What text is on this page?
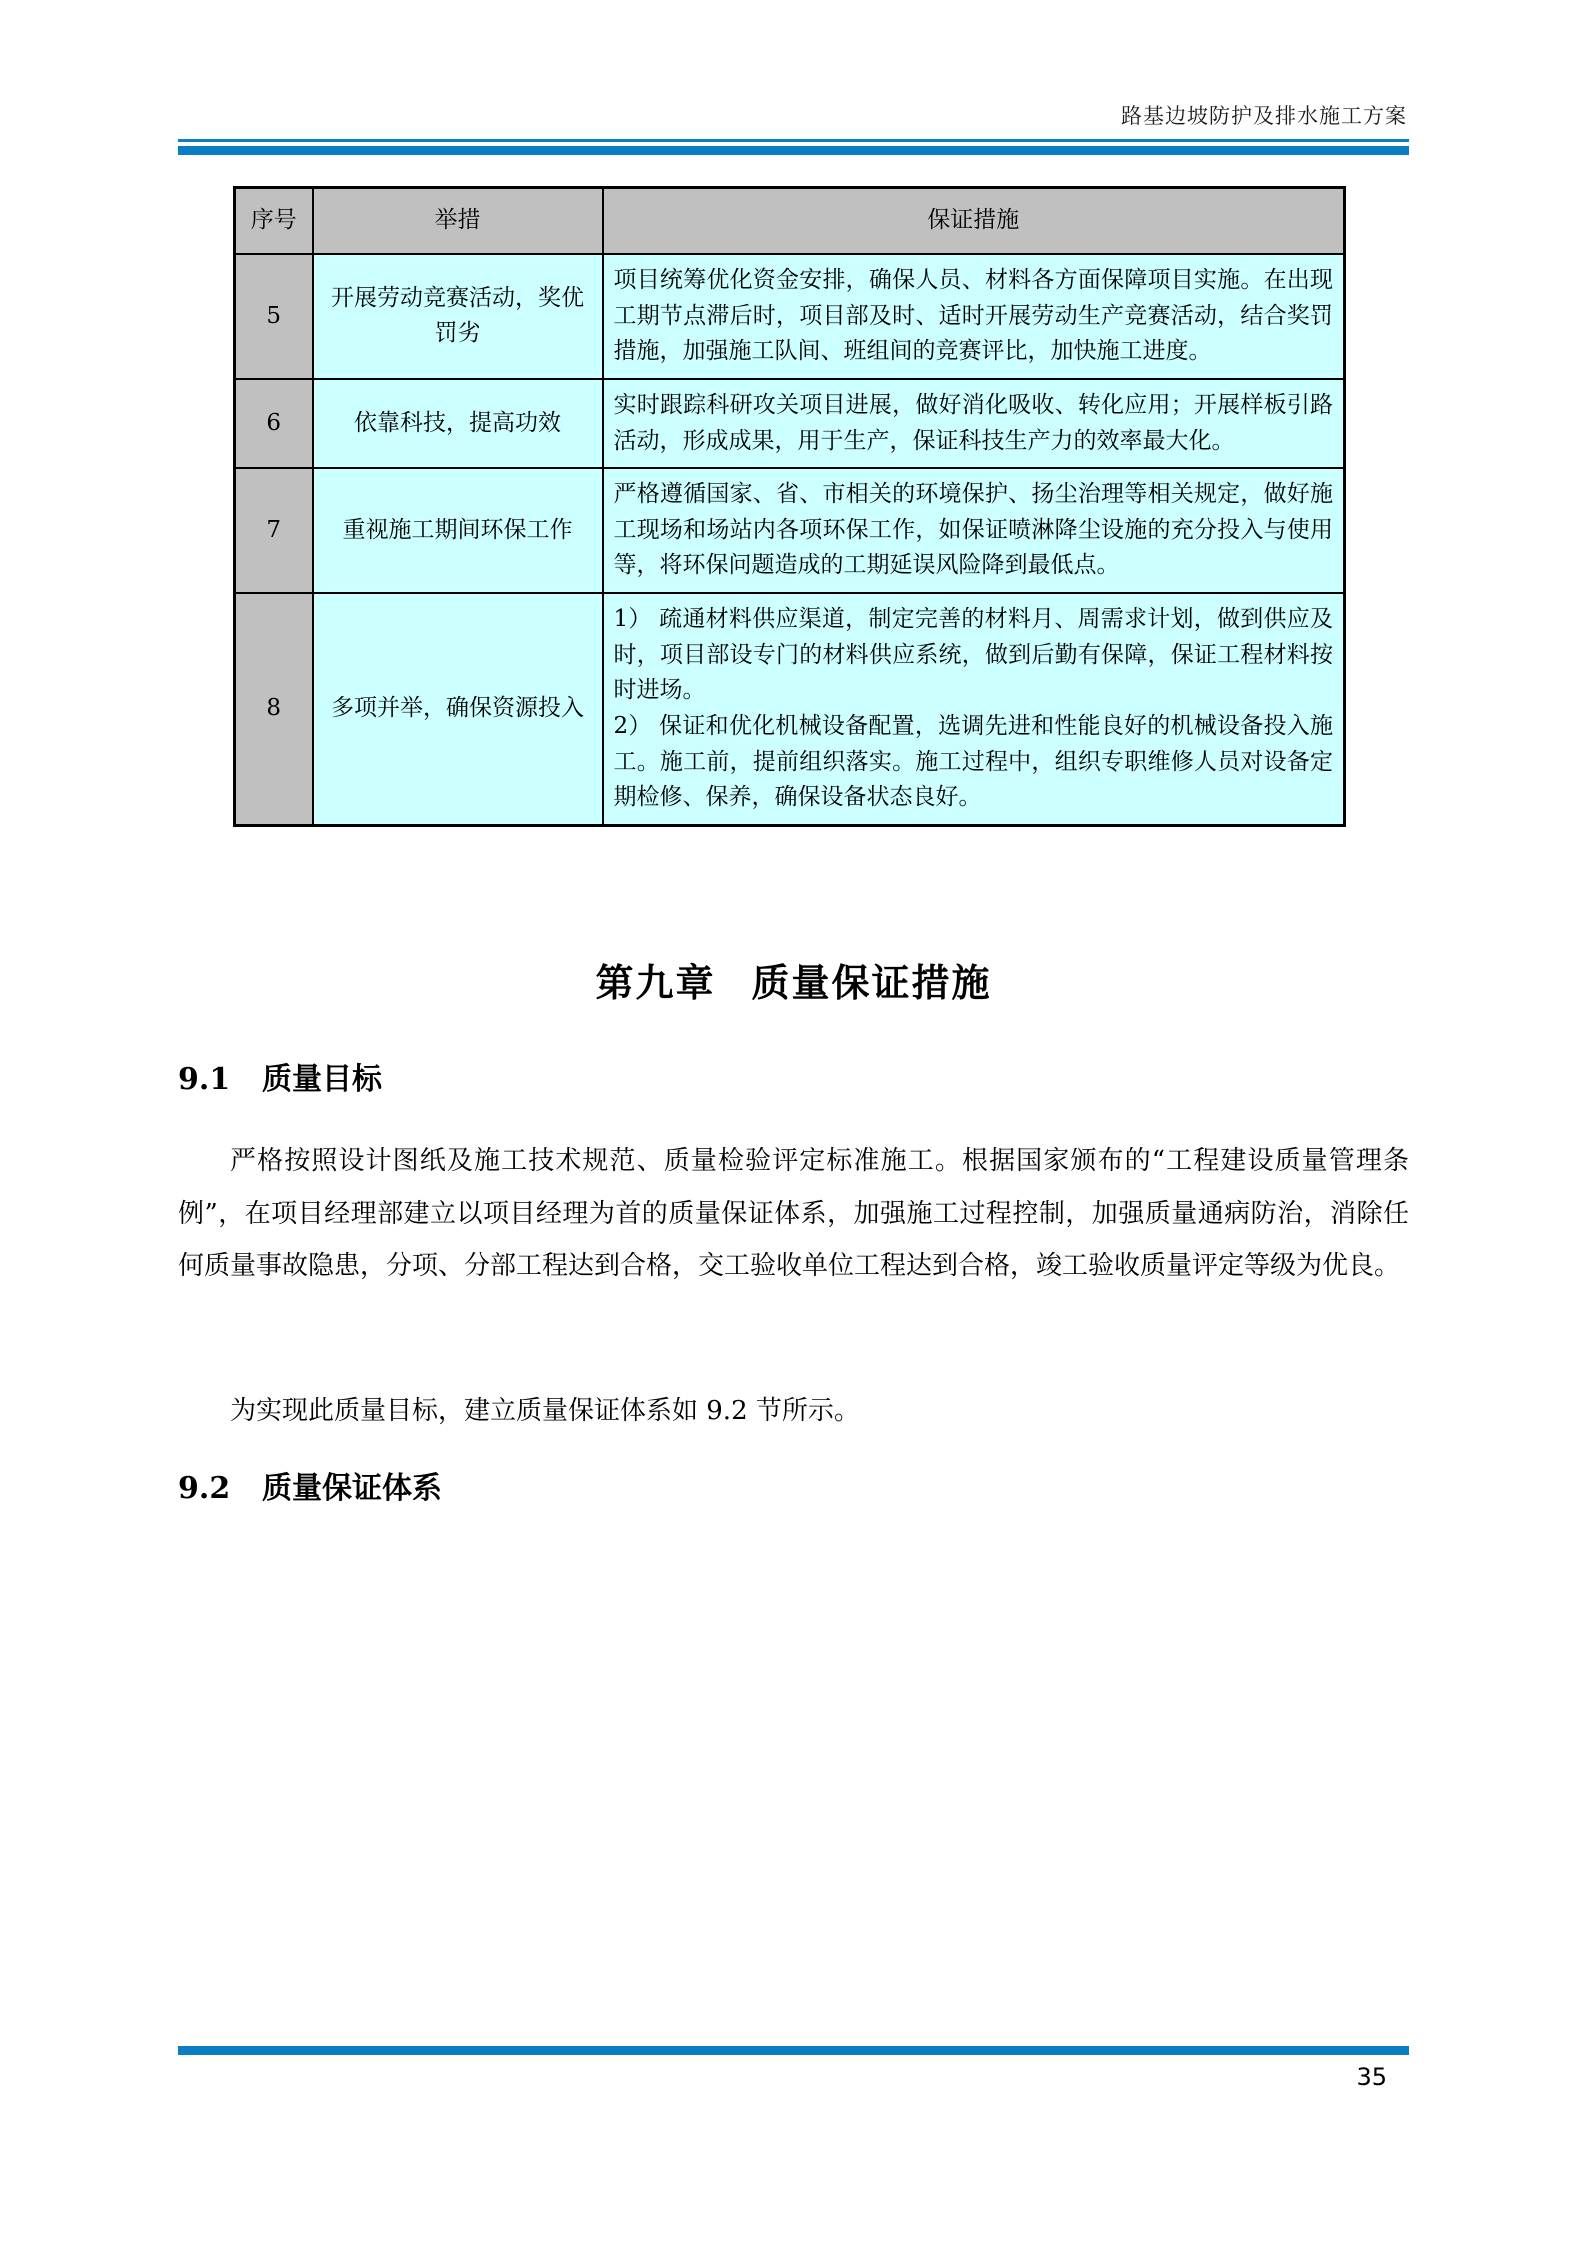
路基边坡防护及排水施工方案
序号	举措	保证措施
5	开展劳动竞赛活动，奖优罚劣	项目统筹优化资金安排，确保人员、材料各方面保障项目实施。在出现工期节点滞后时，项目部及时、适时开展劳动生产竞赛活动，结合奖罚措施，加强施工队间、班组间的竞赛评比，加快施工进度。

6	依靠科技，提高功效	实时跟踪科研攻关项目进展，做好消化吸收、转化应用；开展样板引路活动，形成成果，用于生产，保证科技生产力的效率最大化。

7	重视施工期间环保工作	严格遵循国家、省、市相关的环境保护、扬尘治理等相关规定，做好施工现场和场站内各项环保工作，如保证喷淋降尘设施的充分投入与使用等，将环保问题造成的工期延误风险降到最低点。

8	多项并举，确保资源投入	1） 疏通材料供应渠道，制定完善的材料月、周需求计划，做到供应及时，项目部设专门的材料供应系统，做到后勤有保障，保证工程材料按时进场。

2） 保证和优化机械设备配置，选调先进和性能良好的机械设备投入施工。施工前，提前组织落实。施工过程中，组织专职维修人员对设备定期检修、保养，确保设备状态良好。

第九章 质量保证措施
9.1 质量目标
严格按照设计图纸及施工技术规范、质量检验评定标准施工。根据国家颁布的“工程建设质量管理条例”，在项目经理部建立以项目经理为首的质量保证体系，加强施工过程控制，加强质量通病防治，消除任何质量事故隐患，分项、分部工程达到合格，交工验收单位工程达到合格，竣工验收质量评定等级为优良。
为实现此质量目标，建立质量保证体系如 9.2 节所示。
9.2 质量保证体系
35
